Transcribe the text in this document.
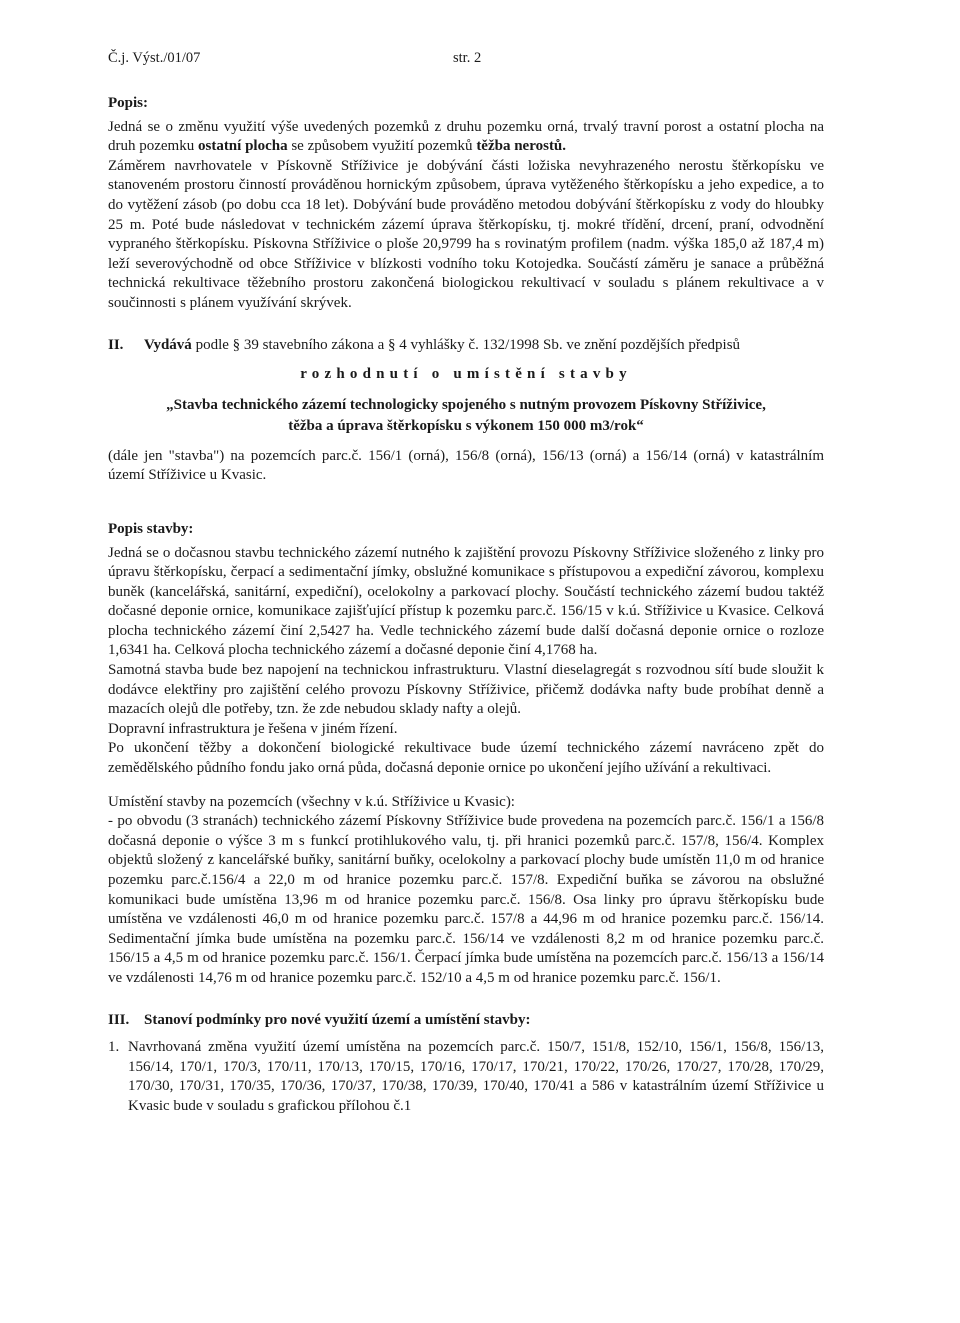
Č.j. Výst./01/07	str. 2
Popis:

Jedná se o změnu využití výše uvedených pozemků z druhu pozemku orná, trvalý travní porost a ostatní plocha na druh pozemku ostatní plocha se způsobem využití pozemků těžba nerostů.

Záměrem navrhovatele v Pískovně Stříživice je dobývání části ložiska nevyhrazeného nerostu štěrkopísku ve stanoveném prostoru činností prováděnou hornickým způsobem, úprava vytěženého štěrkopísku a jeho expedice, a to do vytěžení zásob (po dobu cca 18 let). Dobývání bude prováděno metodou dobývání štěrkopísku z vody do hloubky 25 m. Poté bude následovat v technickém zázemí úprava štěrkopísku, tj. mokré třídění, drcení, praní, odvodnění vypraného štěrkopísku. Pískovna Stříživice o ploše 20,9799 ha s rovinatým profilem (nadm. výška 185,0 až 187,4 m) leží severovýchodně od obce Stříživice v blízkosti vodního toku Kotojedka. Součástí záměru je sanace a průběžná technická rekultivace těžebního prostoru zakončená biologickou rekultivací v souladu s plánem rekultivace a v součinnosti s plánem využívání skrývek.

II.	Vydává podle § 39 stavebního zákona a § 4 vyhlášky č. 132/1998 Sb. ve znění pozdějších předpisů
rozhodnutí o umístění stavby
„Stavba technického zázemí technologicky spojeného s nutným provozem Pískovny Stříživice,
těžba a úprava štěrkopísku s výkonem 150 000 m3/rok“

(dále jen "stavba") na pozemcích parc.č. 156/1 (orná), 156/8 (orná), 156/13 (orná) a 156/14 (orná) v katastrálním území Stříživice u Kvasic.

Popis stavby:

Jedná se o dočasnou stavbu technického zázemí nutného k zajištění provozu Pískovny Stříživice složeného z linky pro úpravu štěrkopísku, čerpací a sedimentační jímky, obslužné komunikace s přístupovou a expediční závorou, komplexu buněk (kancelářská, sanitární, expediční), ocelokolny a parkovací plochy. Součástí technického zázemí budou taktéž dočasné deponie ornice, komunikace zajišťující přístup k pozemku parc.č. 156/15 v k.ú. Stříživice u Kvasice. Celková plocha technického zázemí činí 2,5427 ha. Vedle technického zázemí bude další dočasná deponie ornice o rozloze 1,6341 ha. Celková plocha technického zázemí a dočasné deponie činí 4,1768 ha.

Samotná stavba bude bez napojení na technickou infrastrukturu. Vlastní dieselagregát s rozvodnou sítí bude sloužit k dodávce elektřiny pro zajištění celého provozu Pískovny Stříživice, přičemž dodávka nafty bude probíhat denně a mazacích olejů dle potřeby, tzn. že zde nebudou sklady nafty a olejů.

Dopravní infrastruktura je řešena v jiném řízení.

Po ukončení těžby a dokončení biologické rekultivace bude území technického zázemí navráceno zpět do zemědělského půdního fondu jako orná půda, dočasná deponie ornice po ukončení jejího užívání a rekultivaci.

Umístění stavby na pozemcích (všechny v k.ú. Stříživice u Kvasic):

- po obvodu (3 stranách) technického zázemí Pískovny Stříživice bude provedena na pozemcích parc.č. 156/1 a 156/8 dočasná deponie o výšce 3 m s funkcí protihlukového valu, tj. při hranici pozemků parc.č. 157/8, 156/4. Komplex objektů složený z kancelářské buňky, sanitární buňky, ocelokolny a parkovací plochy bude umístěn 11,0 m od hranice pozemku parc.č.156/4 a 22,0 m od hranice pozemku parc.č. 157/8. Expediční buňka se závorou na obslužné komunikaci bude umístěna 13,96 m od hranice pozemku parc.č. 156/8. Osa linky pro úpravu štěrkopísku bude umístěna ve vzdálenosti 46,0 m od hranice pozemku parc.č. 157/8 a 44,96 m od hranice pozemku parc.č. 156/14. Sedimentační jímka bude umístěna na pozemku parc.č. 156/14 ve vzdálenosti 8,2 m od hranice pozemku parc.č. 156/15 a 4,5 m od hranice pozemku parc.č. 156/1. Čerpací jímka bude umístěna na pozemcích parc.č. 156/13 a 156/14 ve vzdálenosti 14,76 m od hranice pozemku parc.č. 152/10 a 4,5 m od hranice pozemku parc.č. 156/1.

III. Stanoví podmínky pro nové využití území a umístění stavby:
1. Navrhovaná změna využití území umístěna na pozemcích parc.č. 150/7, 151/8, 152/10, 156/1, 156/8, 156/13, 156/14, 170/1, 170/3, 170/11, 170/13, 170/15, 170/16, 170/17, 170/21, 170/22, 170/26, 170/27, 170/28, 170/29, 170/30, 170/31, 170/35, 170/36, 170/37, 170/38, 170/39, 170/40, 170/41 a 586 v katastrálním území Stříživice u Kvasic bude v souladu s grafickou přílohou č.1
